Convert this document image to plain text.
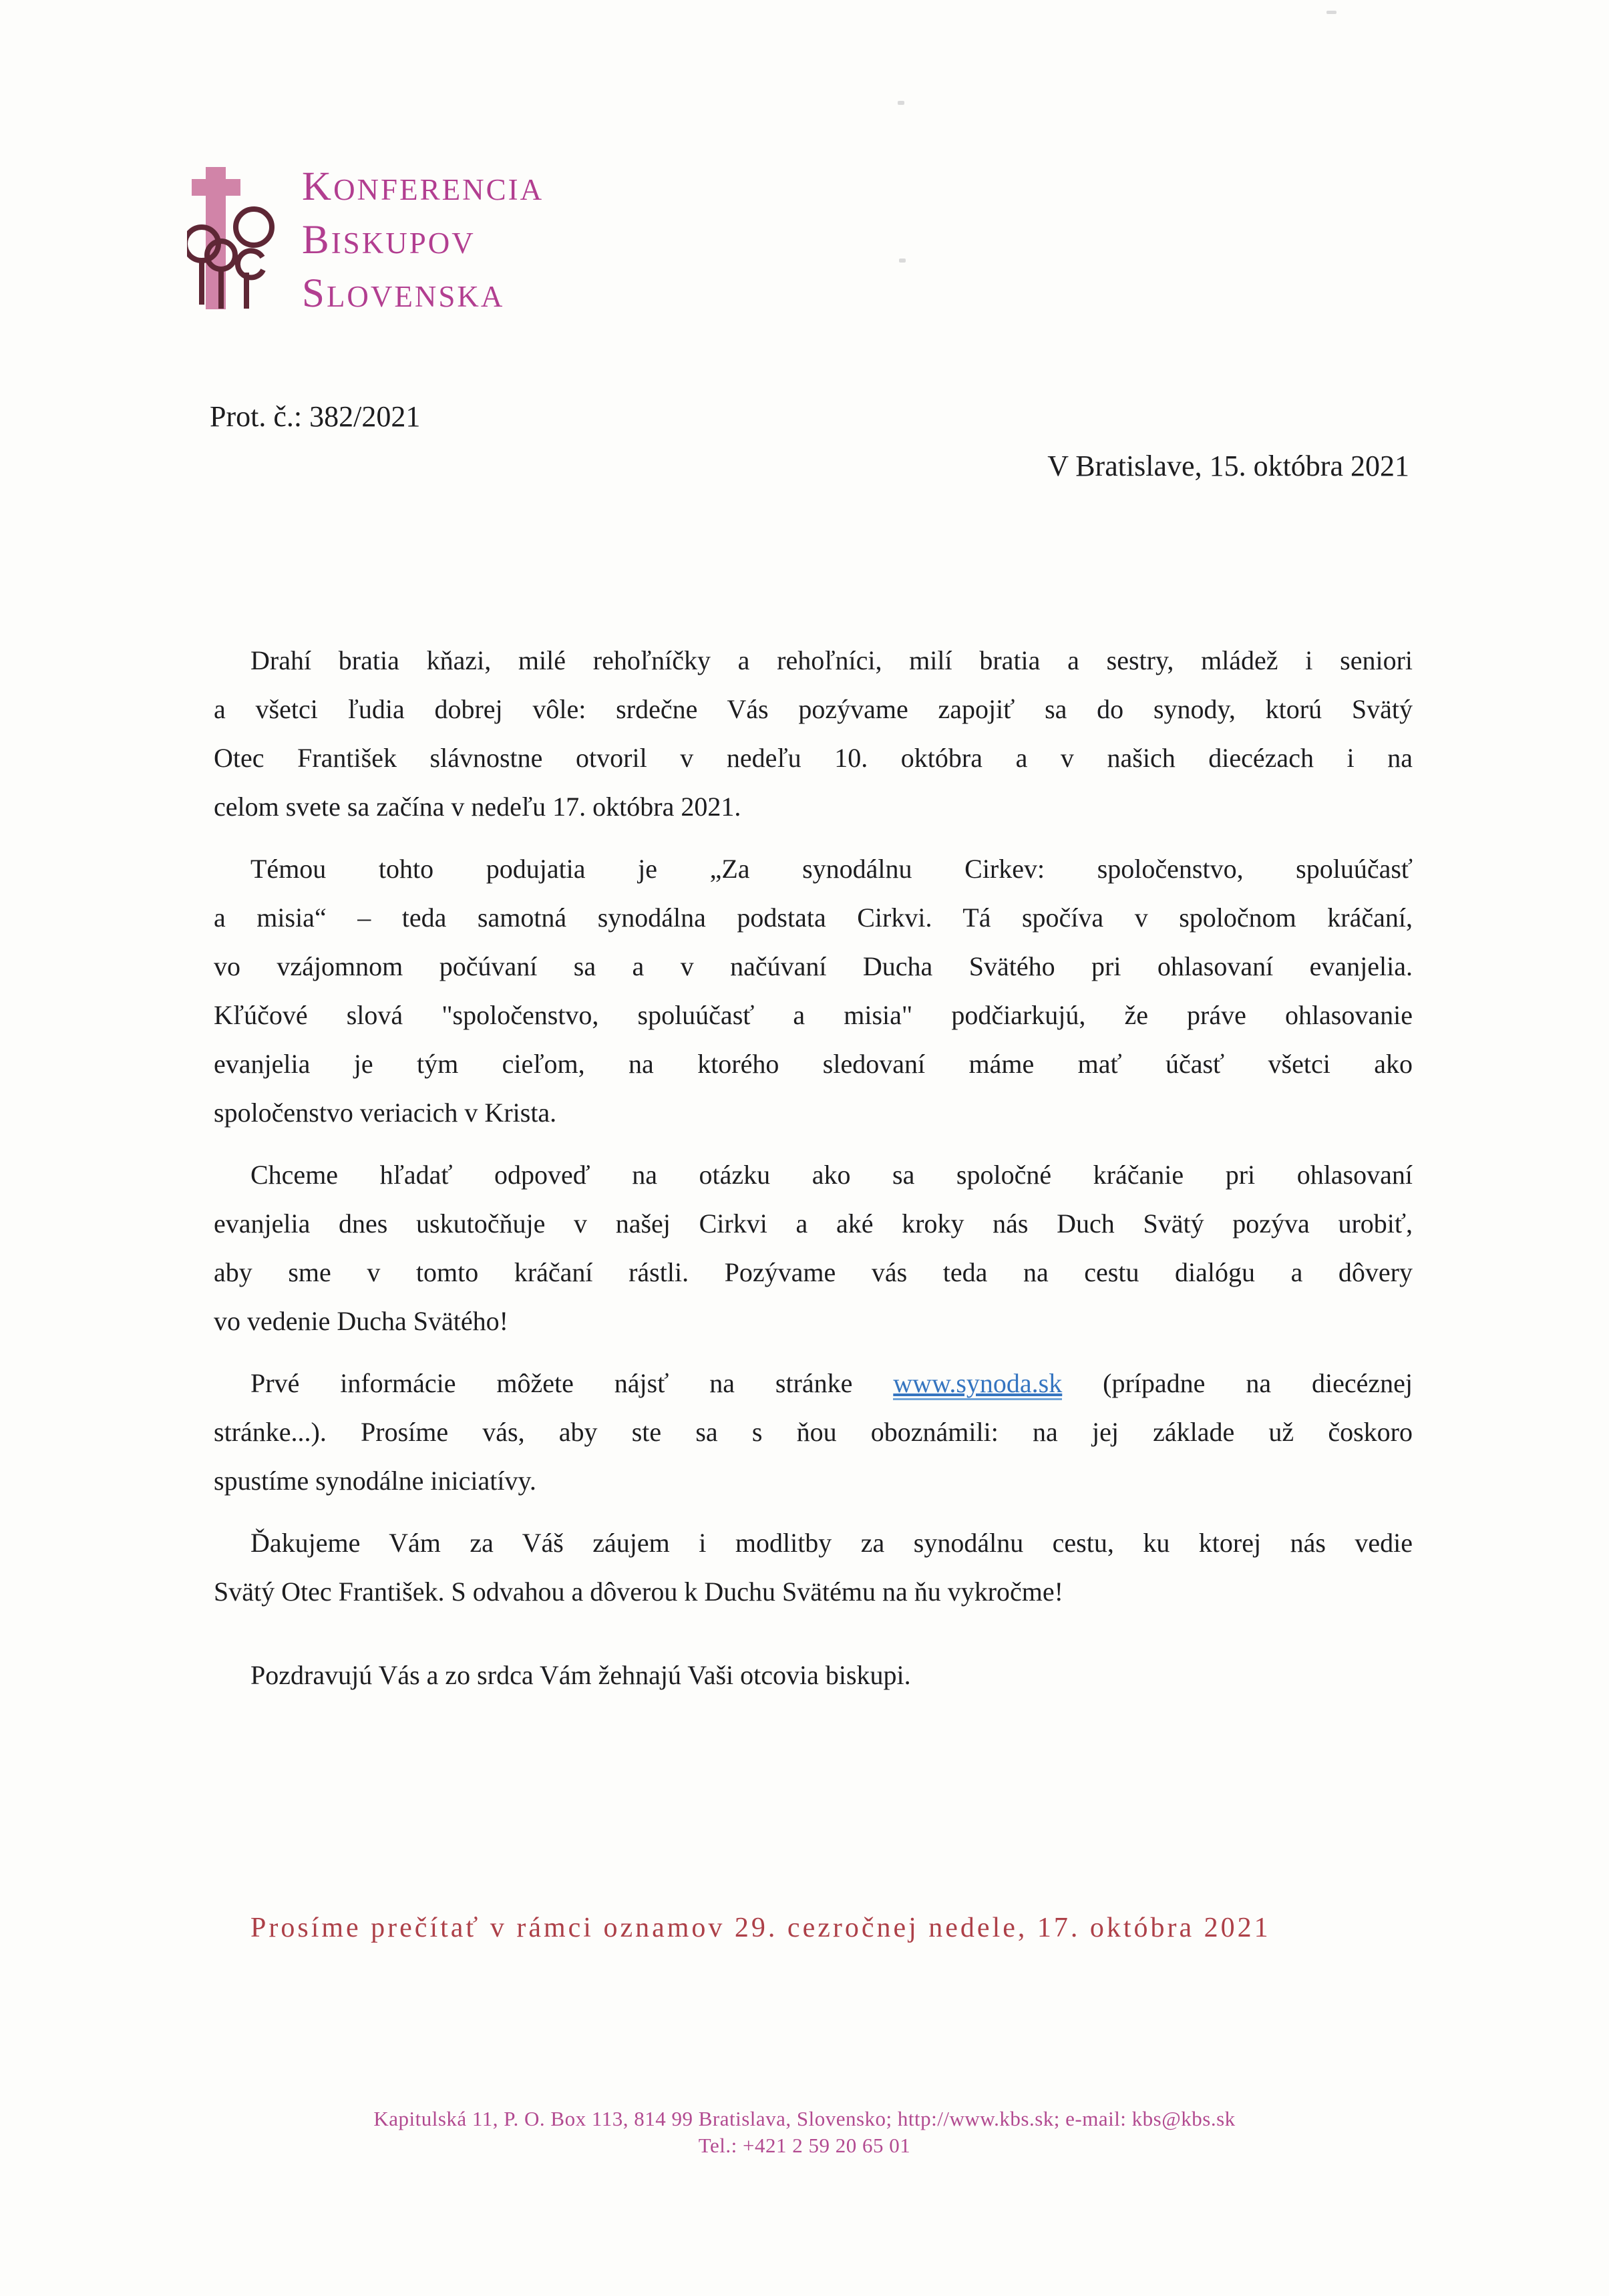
KONFERENCIA
BISKUPOV
SLOVENSKA
Prot. č.: 382/2021
V Bratislave, 15. októbra 2021
Drahí bratia kňazi, milé rehoľníčky a rehoľníci, milí bratia a sestry, mládež i seniori
a všetci ľudia dobrej vôle: srdečne Vás pozývame zapojiť sa do synody, ktorú Svätý
Otec František slávnostne otvoril v nedeľu 10. októbra a v našich diecézach i na
celom svete sa začína v nedeľu 17. októbra 2021.
Témou tohto podujatia je „Za synodálnu Cirkev: spoločenstvo, spoluúčasť
a misia“ – teda samotná synodálna podstata Cirkvi. Tá spočíva v spoločnom kráčaní,
vo vzájomnom počúvaní sa a v načúvaní Ducha Svätého pri ohlasovaní evanjelia.
Kľúčové slová "spoločenstvo, spoluúčasť a misia" podčiarkujú, že práve ohlasovanie
evanjelia je tým cieľom, na ktorého sledovaní máme mať účasť všetci ako
spoločenstvo veriacich v Krista.
Chceme hľadať odpoveď na otázku ako sa spoločné kráčanie pri ohlasovaní
evanjelia dnes uskutočňuje v našej Cirkvi a aké kroky nás Duch Svätý pozýva urobiť,
aby sme v tomto kráčaní rástli. Pozývame vás teda na cestu dialógu a dôvery
vo vedenie Ducha Svätého!
Prvé informácie môžete nájsť na stránke www.synoda.sk (prípadne na diecéznej
stránke...). Prosíme vás, aby ste sa s ňou oboznámili: na jej základe už čoskoro
spustíme synodálne iniciatívy.
Ďakujeme Vám za Váš záujem i modlitby za synodálnu cestu, ku ktorej nás vedie
Svätý Otec František. S odvahou a dôverou k Duchu Svätému na ňu vykročme!
Pozdravujú Vás a zo srdca Vám žehnajú Vaši otcovia biskupi.
Prosíme prečítať v rámci oznamov 29. cezročnej nedele, 17. októbra 2021
Kapitulská 11, P. O. Box 113, 814 99 Bratislava, Slovensko; http://www.kbs.sk; e-mail: kbs@kbs.sk
Tel.: +421 2 59 20 65 01
